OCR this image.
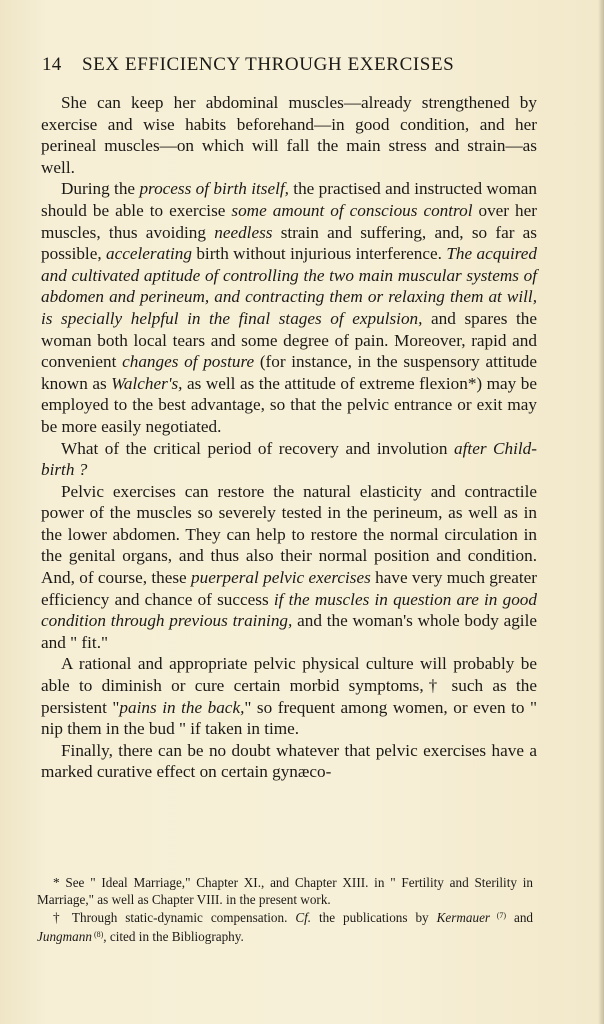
14 SEX EFFICIENCY THROUGH EXERCISES

She can keep her abdominal muscles—already strengthened by exercise and wise habits beforehand—in good condition, and her perineal muscles—on which will fall the main stress and strain—as well.

During the process of birth itself, the practised and instructed woman should be able to exercise some amount of conscious control over her muscles, thus avoiding needless strain and suffering, and, so far as possible, accelerating birth without injurious interference. The acquired and cultivated aptitude of controlling the two main muscular systems of abdomen and perineum, and contracting them or relaxing them at will, is specially helpful in the final stages of expulsion, and spares the woman both local tears and some degree of pain. Moreover, rapid and convenient changes of posture (for instance, in the suspensory attitude known as Walcher's, as well as the attitude of extreme flexion*) may be employed to the best advantage, so that the pelvic entrance or exit may be more easily negotiated.

What of the critical period of recovery and involution after Child-birth ?

Pelvic exercises can restore the natural elasticity and contractile power of the muscles so severely tested in the perineum, as well as in the lower abdomen. They can help to restore the normal circulation in the genital organs, and thus also their normal position and condition. And, of course, these puerperal pelvic exercises have very much greater efficiency and chance of success if the muscles in question are in good condition through previous training, and the woman's whole body agile and " fit."

A rational and appropriate pelvic physical culture will probably be able to diminish or cure certain morbid symptoms,† such as the persistent "pains in the back," so frequent among women, or even to " nip them in the bud " if taken in time.

Finally, there can be no doubt whatever that pelvic exercises have a marked curative effect on certain gynæco-

* See " Ideal Marriage," Chapter XI., and Chapter XIII. in " Fertility and Sterility in Marriage," as well as Chapter VIII. in the present work.

† Through static-dynamic compensation. Cf. the publications by Kermauer $^{(7)}$ and Jungmann $^{(8)}$, cited in the Bibliography.
